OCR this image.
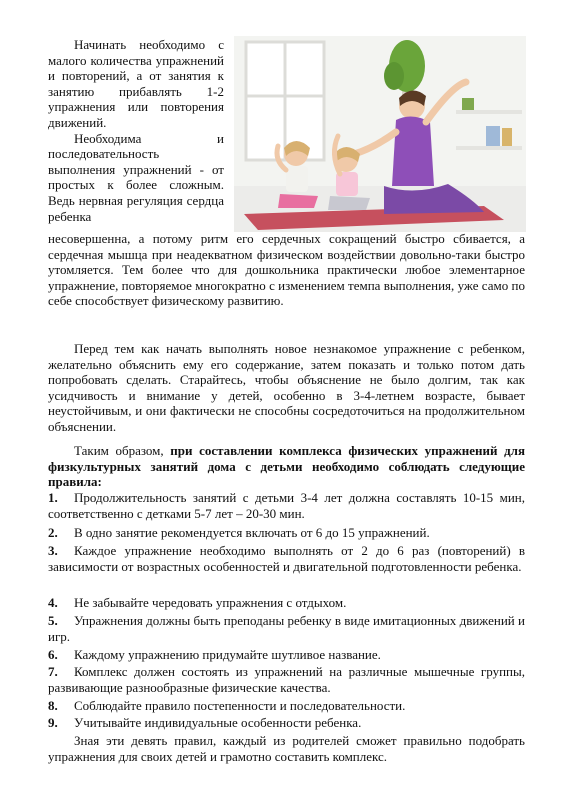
Начинать необходимо с малого количества упражнений и повторений, а от занятия к занятию прибавлять 1-2 упражнения или повторения движений.

Необходима и последовательность выполнения упражнений - от простых к более сложным. Ведь нервная регуляция сердца ребенка

несовершенна, а потому ритм его сердечных сокращений быстро сбивается, а сердечная мышца при неадекватном физическом воздействии довольно-таки быстро утомляется. Тем более что для дошкольника практически любое элементарное упражнение, повторяемое многократно с изменением темпа выполнения, уже само по себе способствует физическому развитию.

Перед тем как начать выполнять новое незнакомое упражнение с ребенком, желательно объяснить ему его содержание, затем показать и только потом дать попробовать сделать. Старайтесь, чтобы объяснение не было долгим, так как усидчивость и внимание у детей, особенно в 3-4-летнем возрасте, бывает неустойчивым, и они фактически не способны сосредоточиться на продолжительном объяснении.

Таким образом, при составлении комплекса физических упражнений для физкультурных занятий дома с детьми необходимо соблюдать следующие правила:

1. Продолжительность занятий с детьми 3-4 лет должна составлять 10-15 мин, соответственно с детками 5-7 лет – 20-30 мин.
2. В одно занятие рекомендуется включать от 6 до 15 упражнений.
3. Каждое упражнение необходимо выполнять от 2 до 6 раз (повторений) в зависимости от возрастных особенностей и двигательной подготовленности ребенка.
4. Не забывайте чередовать упражнения с отдыхом.
5. Упражнения должны быть преподаны ребенку в виде имитационных движений и игр.
6. Каждому упражнению придумайте шутливое название.
7. Комплекс должен состоять из упражнений на различные мышечные группы, развивающие разнообразные физические качества.
8. Соблюдайте правило постепенности и последовательности.
9. Учитывайте индивидуальные особенности ребенка.

Зная эти девять правил, каждый из родителей сможет правильно подобрать упражнения для своих детей и грамотно составить комплекс.
